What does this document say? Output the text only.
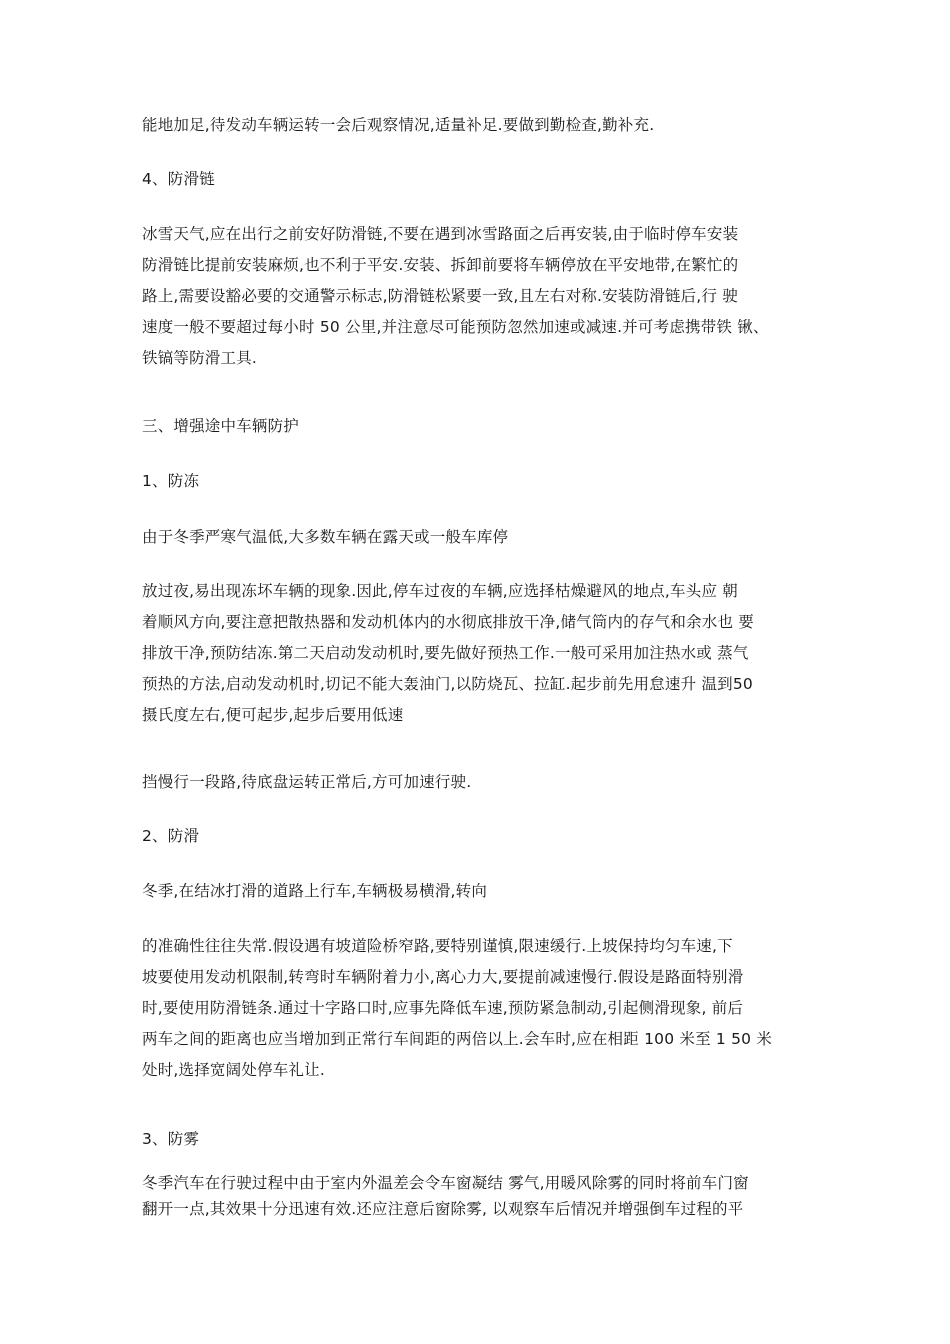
能地加足,待发动车辆运转一会后观察情况,适量补足.要做到勤检查,勤补充.

4、防滑链

冰雪天气,应在出行之前安好防滑链,不要在遇到冰雪路面之后再安装,由于临时停车安装
防滑链比提前安装麻烦,也不利于平安.安装、拆卸前要将车辆停放在平安地带,在繁忙的
路上,需要设豁必要的交通警示标志,防滑链松紧要一致,且左右对称.安装防滑链后,行 驶
速度一般不要超过每小时 50 公里,并注意尽可能预防忽然加速或减速.并可考虑携带铁 锹、
铁镐等防滑工具.

三、增强途中车辆防护

1、防冻

由于冬季严寒气温低,大多数车辆在露天或一般车库停

放过夜,易出现冻坏车辆的现象.因此,停车过夜的车辆,应选择枯燥避风的地点,车头应 朝
着顺风方向,要注意把散热器和发动机体内的水彻底排放干净,储气筒内的存气和余水也 要
排放干净,预防结冻.第二天启动发动机时,要先做好预热工作.一般可采用加注热水或 蒸气
预热的方法,启动发动机时,切记不能大轰油门,以防烧瓦、拉缸.起步前先用怠速升 温到50
摄氏度左右,便可起步,起步后要用低速

挡慢行一段路,待底盘运转正常后,方可加速行驶.

2、防滑

冬季,在结冰打滑的道路上行车,车辆极易横滑,转向

的准确性往往失常.假设遇有坡道险桥窄路,要特别谨慎,限速缓行.上坡保持均匀车速,下
坡要使用发动机限制,转弯时车辆附着力小,离心力大,要提前减速慢行.假设是路面特别滑
时,要使用防滑链条.通过十字路口时,应事先降低车速,预防紧急制动,引起侧滑现象, 前后
两车之间的距离也应当增加到正常行车间距的两倍以上.会车时,应在相距 100 米至 1 50 米
处时,选择宽阔处停车礼让.

3、防雾

冬季汽车在行驶过程中由于室内外温差会令车窗凝结 雾气,用暖风除雾的同时将前车门窗
翻开一点,其效果十分迅速有效.还应注意后窗除雾, 以观察车后情况并增强倒车过程的平
